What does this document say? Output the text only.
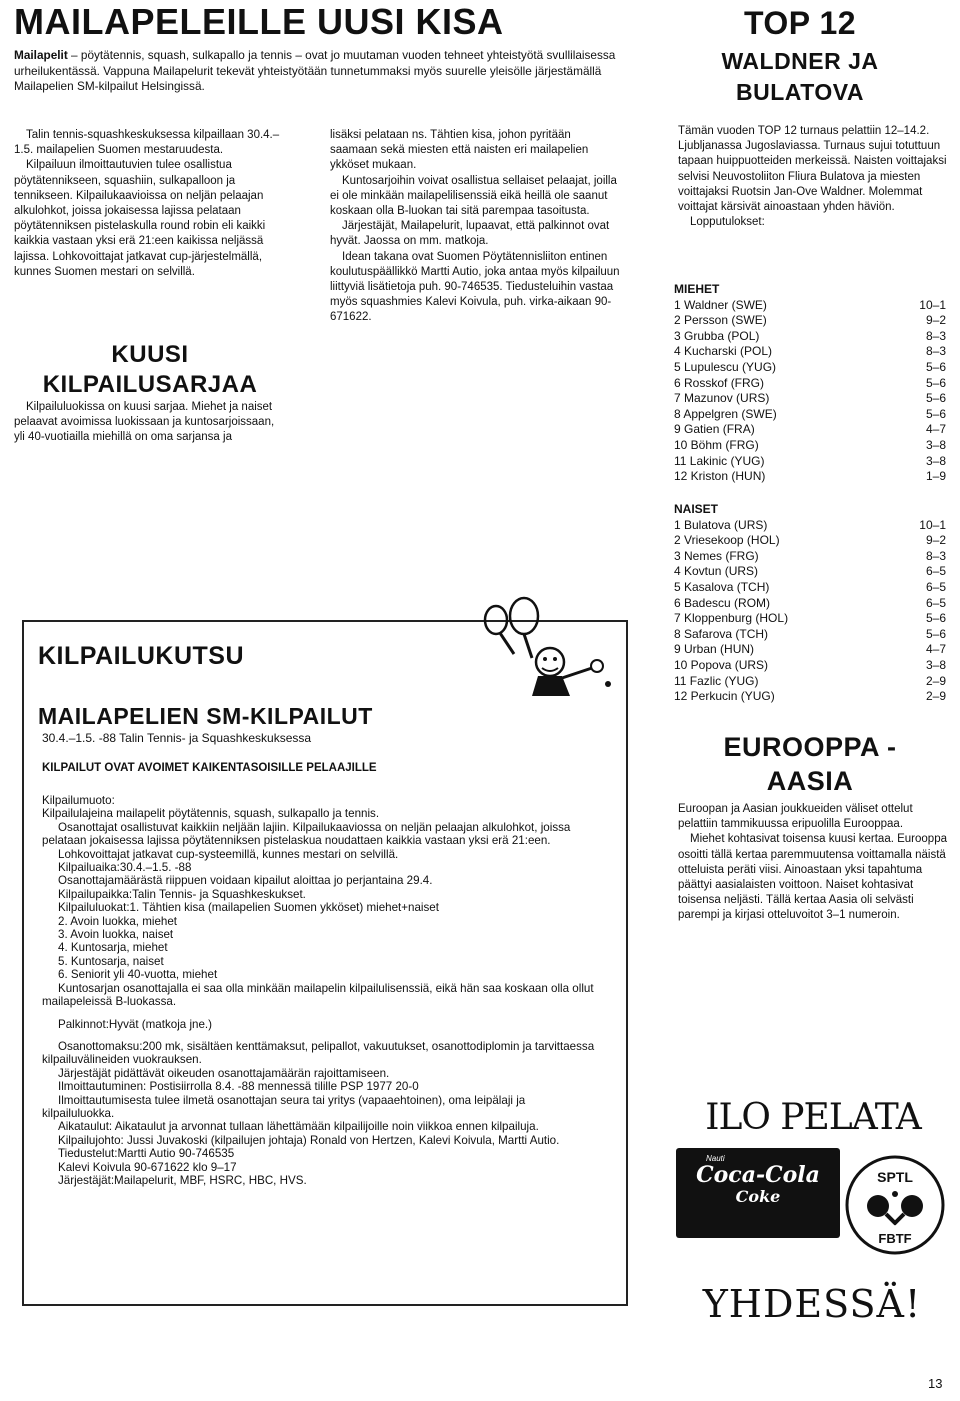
MAILAPELEILLE UUSI KISA
Mailapelit – pöytätennis, squash, sulkapallo ja tennis – ovat jo muutaman vuoden tehneet yhteistyötä svullilaisessa urheilukentässä. Vappuna Mailapelurit tekevät yhteistyötään tunnetummaksi myös suurelle yleisölle järjestämällä Mailapelien SM-kilpailut Helsingissä.

Talin tennis-squashkeskuksessa kilpaillaan 30.4.–1.5. mailapelien Suomen mestaruudesta.

Kilpailuun ilmoittautuvien tulee osallistua pöytätennikseen, squashiin, sulkapalloon ja tennikseen. Kilpailukaavioissa on neljän pelaajan alkulohkot, joissa jokaisessa lajissa pelataan pöytätenniksen pistelaskulla round robin eli kaikki kaikkia vastaan yksi erä 21:een kaikissa neljässä lajissa. Lohkovoittajat jatkavat cup-järjestelmällä, kunnes Suomen mestari on selvillä.

KUUSI KILPAILUSARJAA

Kilpailuluokissa on kuusi sarjaa. Miehet ja naiset pelaavat avoimissa luokissaan ja kuntosarjoissaan, yli 40-vuotiailla miehillä on oma sarjansa ja

lisäksi pelataan ns. Tähtien kisa, johon pyritään saamaan sekä miesten että naisten eri mailapelien ykköset mukaan.

Kuntosarjoihin voivat osallistua sellaiset pelaajat, joilla ei ole minkään mailapelilisenssiä eikä heillä ole saanut koskaan olla B-luokan tai sitä parempaa tasoitusta.

Järjestäjät, Mailapelurit, lupaavat, että palkinnot ovat hyvät. Jaossa on mm. matkoja.

Idean takana ovat Suomen Pöytätennisliiton entinen koulutuspäällikkö Martti Autio, joka antaa myös kilpailuun liittyviä lisätietoja puh. 90-746535. Tiedusteluihin vastaa myös squashmies Kalevi Koivula, puh. virka-aikaan 90-671622.

KILPAILUKUTSU
MAILAPELIEN SM-KILPAILUT
30.4.–1.5. -88 Talin Tennis- ja Squashkeskuksessa
KILPAILUT OVAT AVOIMET KAIKENTASOISILLE PELAAJILLE

Kilpailumuoto:

Kilpailulajeina mailapelit pöytätennis, squash, sulkapallo ja tennis.

Osanottajat osallistuvat kaikkiin neljään lajiin. Kilpailukaaviossa on neljän pelaajan alkulohkot, joissa pelataan jokaisessa lajissa pöytätenniksen pistelaskua noudattaen kaikkia vastaan yksi erä 21:een.

Lohkovoittajat jatkavat cup-systeemillä, kunnes mestari on selvillä.

Kilpailuaika:30.4.–1.5. -88

Osanottajamäärästä riippuen voidaan kipailut aloittaa jo perjantaina 29.4.

Kilpailupaikka:Talin Tennis- ja Squashkeskukset.

Kilpailuluokat:1. Tähtien kisa (mailapelien Suomen ykköset) miehet+naiset

2. Avoin luokka, miehet

3. Avoin luokka, naiset

4. Kuntosarja, miehet

5. Kuntosarja, naiset

6. Seniorit yli 40-vuotta, miehet

Kuntosarjan osanottajalla ei saa olla minkään mailapelin kilpailulisenssiä, eikä hän saa koskaan olla ollut mailapeleissä B-luokassa.

Palkinnot:Hyvät (matkoja jne.)

Osanottomaksu:200 mk, sisältäen kenttämaksut, pelipallot, vakuutukset, osanottodiplomin ja tarvittaessa kilpailuvälineiden vuokrauksen.

Järjestäjät pidättävät oikeuden osanottajamäärän rajoittamiseen.

Ilmoittautuminen: Postisiirrolla 8.4. -88 mennessä tilille PSP 1977 20-0

Ilmoittautumisesta tulee ilmetä osanottajan seura tai yritys (vapaaehtoinen), oma leipälaji ja kilpailuluokka.

Aikataulut: Aikataulut ja arvonnat tullaan lähettämään kilpailijoille noin viikkoa ennen kilpailuja.

Kilpailujohto: Jussi Juvakoski (kilpailujen johtaja) Ronald von Hertzen, Kalevi Koivula, Martti Autio.

Tiedustelut:Martti Autio 90-746535

Kalevi Koivula 90-671622 klo 9–17

Järjestäjät:Mailapelurit, MBF, HSRC, HBC, HVS.

TOP 12
WALDNER JA BULATOVA

Tämän vuoden TOP 12 turnaus pelattiin 12–14.2. Ljubljanassa Jugoslaviassa. Turnaus sujui totuttuun tapaan huippuotteiden merkeissä. Naisten voittajaksi selvisi Neuvostoliiton Fliura Bulatova ja miesten voittajaksi Ruotsin Jan-Ove Waldner. Molemmat voittajat kärsivät ainoastaan yhden häviön.

Lopputulokset:

MIEHET
1 Waldner (SWE)	10–1
2 Persson (SWE)	9–2
3 Grubba (POL)	8–3
4 Kucharski (POL)	8–3
5 Lupulescu (YUG)	5–6
6 Rosskof (FRG)	5–6
7 Mazunov (URS)	5–6
8 Appelgren (SWE)	5–6
9 Gatien (FRA)	4–7
10 Böhm (FRG)	3–8
11 Lakinic (YUG)	3–8
12 Kriston (HUN)	1–9
NAISET
1 Bulatova (URS)	10–1
2 Vriesekoop (HOL)	9–2
3 Nemes (FRG)	8–3
4 Kovtun (URS)	6–5
5 Kasalova (TCH)	6–5
6 Badescu (ROM)	6–5
7 Kloppenburg (HOL)	5–6
8 Safarova (TCH)	5–6
9 Urban (HUN)	4–7
10 Popova (URS)	3–8
11 Fazlic (YUG)	2–9
12 Perkucin (YUG)	2–9
EUROOPPA - AASIA

Euroopan ja Aasian joukkueiden väliset ottelut pelattiin tammikuussa eripuolilla Eurooppaa.

Miehet kohtasivat toisensa kuusi kertaa. Eurooppa osoitti tällä kertaa paremmuutensa voittamalla näistä otteluista peräti viisi. Ainoastaan yksi tapahtuma päättyi aasialaisten voittoon. Naiset kohtasivat toisensa neljästi. Tällä kertaa Aasia oli selvästi parempi ja kirjasi otteluvoitot 3–1 numeroin.

ILO PELATA
Nauti
Coca-Cola
Coke
SPTL
FBTF
YHDESSÄ!
13
